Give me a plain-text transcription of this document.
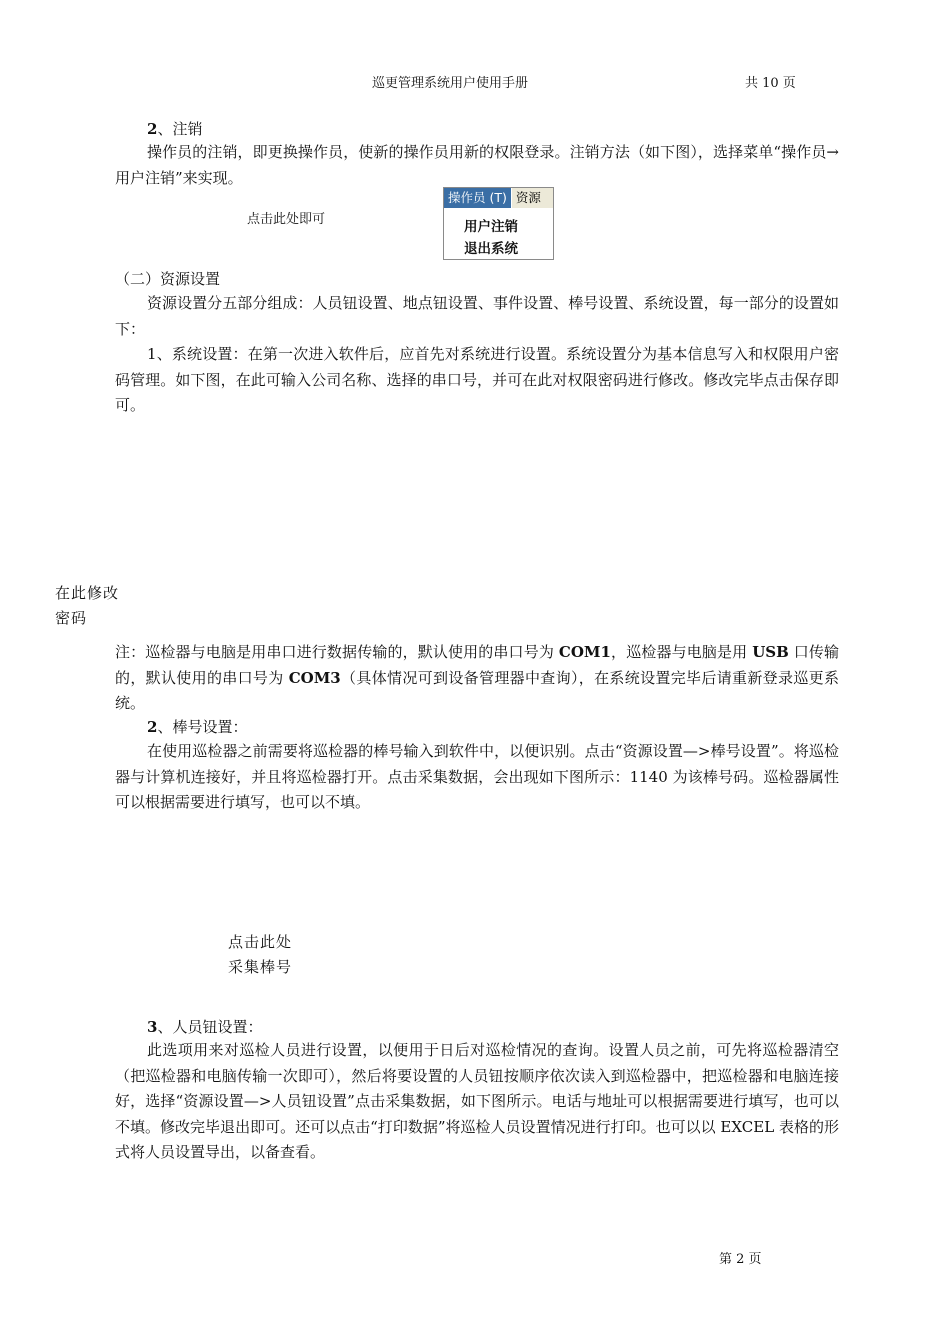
巡更管理系统用户使用手册	共 10 页
2、注销
操作员的注销，即更换操作员，使新的操作员用新的权限登录。注销方法（如下图），选择菜单“操作员→用户注销”来实现。
点击此处即可
操作员 (T) 资源
用户注销
退出系统
（二）资源设置
资源设置分五部分组成：人员钮设置、地点钮设置、事件设置、棒号设置、系统设置，每一部分的设置如下：
1、系统设置：在第一次进入软件后，应首先对系统进行设置。系统设置分为基本信息写入和权限用户密码管理。如下图，在此可输入公司名称、选择的串口号，并可在此对权限密码进行修改。修改完毕点击保存即可。
在此修改
密码
注：巡检器与电脑是用串口进行数据传输的，默认使用的串口号为 COM1，巡检器与电脑是用 USB 口传输的，默认使用的串口号为 COM3（具体情况可到设备管理器中查询），在系统设置完毕后请重新登录巡更系统。
2、棒号设置：
在使用巡检器之前需要将巡检器的棒号输入到软件中，以便识别。点击“资源设置—>棒号设置”。将巡检器与计算机连接好，并且将巡检器打开。点击采集数据，会出现如下图所示：1140 为该棒号码。巡检器属性可以根据需要进行填写，也可以不填。
点击此处
采集棒号
3、人员钮设置：
此选项用来对巡检人员进行设置，以便用于日后对巡检情况的查询。设置人员之前，可先将巡检器清空（把巡检器和电脑传输一次即可），然后将要设置的人员钮按顺序依次读入到巡检器中，把巡检器和电脑连接好，选择“资源设置—>人员钮设置”点击采集数据，如下图所示。电话与地址可以根据需要进行填写，也可以不填。修改完毕退出即可。还可以点击“打印数据”将巡检人员设置情况进行打印。也可以以 EXCEL 表格的形式将人员设置导出，以备查看。
第 2 页
